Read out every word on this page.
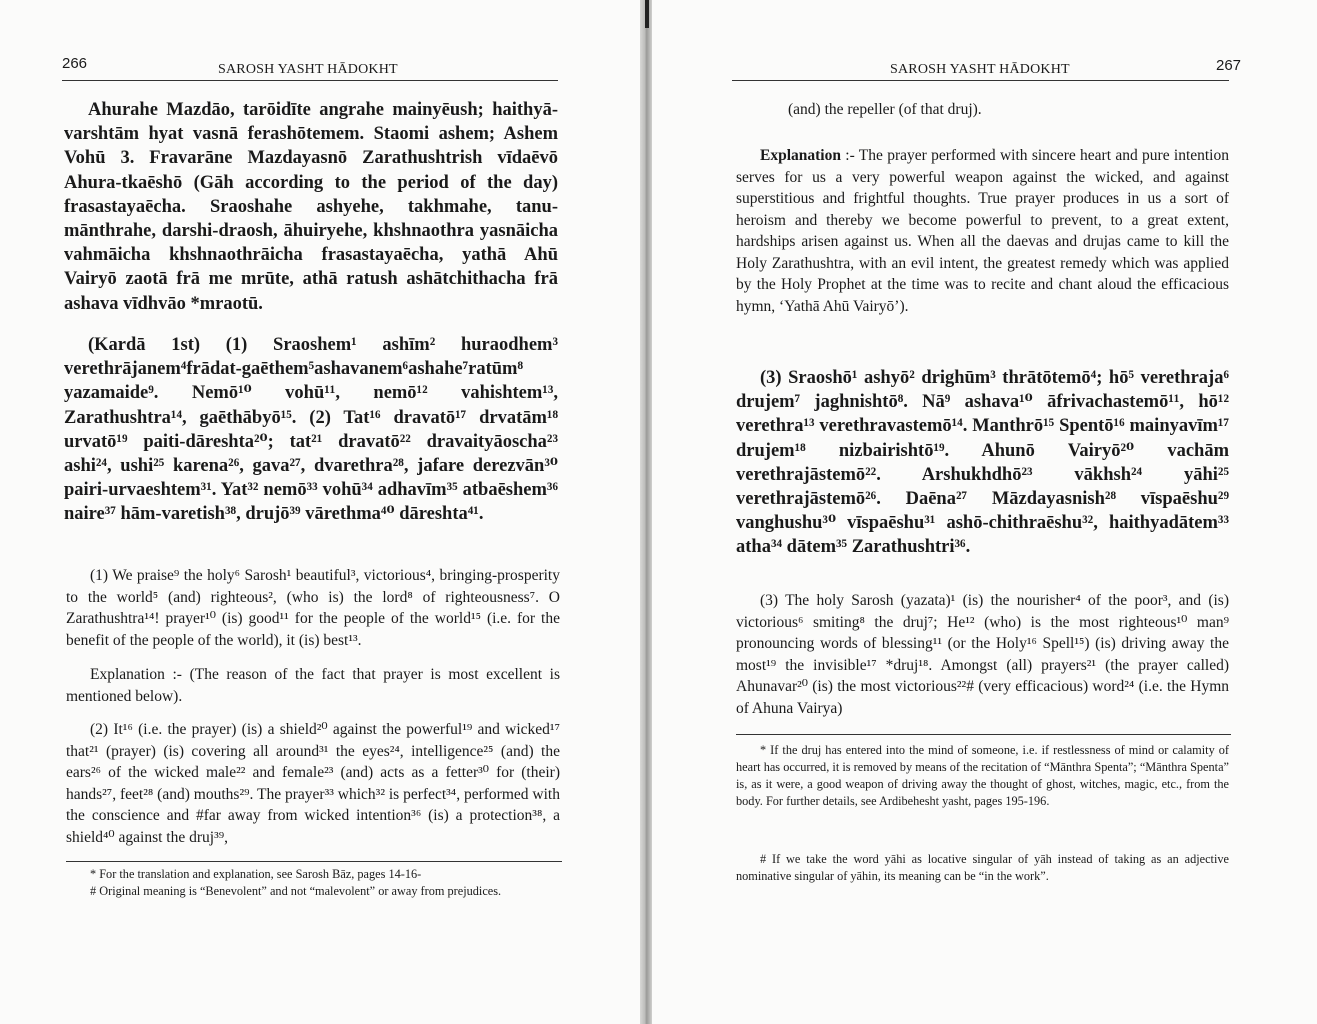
266	SAROSH YASHT HĀDOKHT
Ahurahe Mazdāo, tarōidīte angrahe mainyēush; haithyā-varshtām hyat vasnā ferashōtemem. Staomi ashem; Ashem Vohū 3. Fravarāne Mazdayasnō Zarathushtrish vīdaēvō Ahura-tkaēshō (Gāh according to the period of the day) frasastayaēcha. Sraoshahe ashyehe, takhmahe, tanu-mānthrahe, darshi-draosh, āhuiryehe, khshnaothra yasnāicha vahmāicha khshnaothrāicha frasastayaēcha, yathā Ahū Vairyō zaotā frā me mrūte, athā ratush ashātchithacha frā ashava vīdhvāo *mraotū.
(Kardā 1st) (1) Sraoshem¹ ashīm² huraodhem³ verethrājanem⁴frādat-gaēthem⁵ashavanem⁶ashahe⁷ratūm⁸ yazamaide⁹. Nemō¹⁰ vohū¹¹, nemō¹² vahishtem¹³, Zarathushtra¹⁴, gaēthābyō¹⁵. (2) Tat¹⁶ dravatō¹⁷ drvatām¹⁸ urvatō¹⁹ paiti-dāreshta²⁰; tat²¹ dravatō²² dravaityāoscha²³ ashi²⁴, ushi²⁵ karena²⁶, gava²⁷, dvarethra²⁸, jafare derezvān³⁰ pairi-urvaeshtem³¹. Yat³² nemō³³ vohū³⁴ adhavīm³⁵ atbaēshem³⁶ naire³⁷ hām-varetish³⁸, drujō³⁹ vārethma⁴⁰ dāreshta⁴¹.
(1) We praise⁹ the holy⁶ Sarosh¹ beautiful³, victorious⁴, bringing-prosperity to the world⁵ (and) righteous², (who is) the lord⁸ of righteousness⁷. O Zarathushtra¹⁴! prayer¹⁰ (is) good¹¹ for the people of the world¹⁵ (i.e. for the benefit of the people of the world), it (is) best¹³.
Explanation :- (The reason of the fact that prayer is most excellent is mentioned below).
(2) It¹⁶ (i.e. the prayer) (is) a shield²⁰ against the powerful¹⁹ and wicked¹⁷ that²¹ (prayer) (is) covering all around³¹ the eyes²⁴, intelligence²⁵ (and) the ears²⁶ of the wicked male²² and female²³ (and) acts as a fetter³⁰ for (their) hands²⁷, feet²⁸ (and) mouths²⁹. The prayer³³ which³² is perfect³⁴, performed with the conscience and #far away from wicked intention³⁶ (is) a protection³⁸, a shield⁴⁰ against the druj³⁹,
* For the translation and explanation, see Sarosh Bāz, pages 14-16-
# Original meaning is “Benevolent” and not “malevolent” or away from prejudices.
SAROSH YASHT HĀDOKHT	267
(and) the repeller (of that druj).
Explanation :- The prayer performed with sincere heart and pure intention serves for us a very powerful weapon against the wicked, and against superstitious and frightful thoughts. True prayer produces in us a sort of heroism and thereby we become powerful to prevent, to a great extent, hardships arisen against us. When all the daevas and drujas came to kill the Holy Zarathushtra, with an evil intent, the greatest remedy which was applied by the Holy Prophet at the time was to recite and chant aloud the efficacious hymn, ‘Yathā Ahū Vairyō’).
(3) Sraoshō¹ ashyō² drighūm³ thrātōtemō⁴; hō⁵ verethraja⁶ drujem⁷ jaghnishtō⁸. Nā⁹ ashava¹⁰ āfrivachastemō¹¹, hō¹² verethra¹³ verethravastemō¹⁴. Manthrō¹⁵ Spentō¹⁶ mainyavīm¹⁷ drujem¹⁸ nizbairishtō¹⁹. Ahunō Vairyō²⁰ vachām verethrajāstemō²². Arshukhdhō²³ vākhsh²⁴ yāhi²⁵ verethrajāstemō²⁶. Daēna²⁷ Māzdayasnish²⁸ vīspaēshu²⁹ vanghushu³⁰ vīspaēshu³¹ ashō-chithraēshu³², haithyadātem³³ atha³⁴ dātem³⁵ Zarathushtri³⁶.
(3) The holy Sarosh (yazata)¹ (is) the nourisher⁴ of the poor³, and (is) victorious⁶ smiting⁸ the druj⁷; He¹² (who) is the most righteous¹⁰ man⁹ pronouncing words of blessing¹¹ (or the Holy¹⁶ Spell¹⁵) (is) driving away the most¹⁹ the invisible¹⁷ *druj¹⁸. Amongst (all) prayers²¹ (the prayer called) Ahunavar²⁰ (is) the most victorious²²# (very efficacious) word²⁴ (i.e. the Hymn of Ahuna Vairya)
* If the druj has entered into the mind of someone, i.e. if restlessness of mind or calamity of heart has occurred, it is removed by means of the recitation of “Mānthra Spenta”; “Mānthra Spenta” is, as it were, a good weapon of driving away the thought of ghost, witches, magic, etc., from the body. For further details, see Ardibehesht yasht, pages 195-196.
# If we take the word yāhi as locative singular of yāh instead of taking as an adjective nominative singular of yāhin, its meaning can be “in the work”.
